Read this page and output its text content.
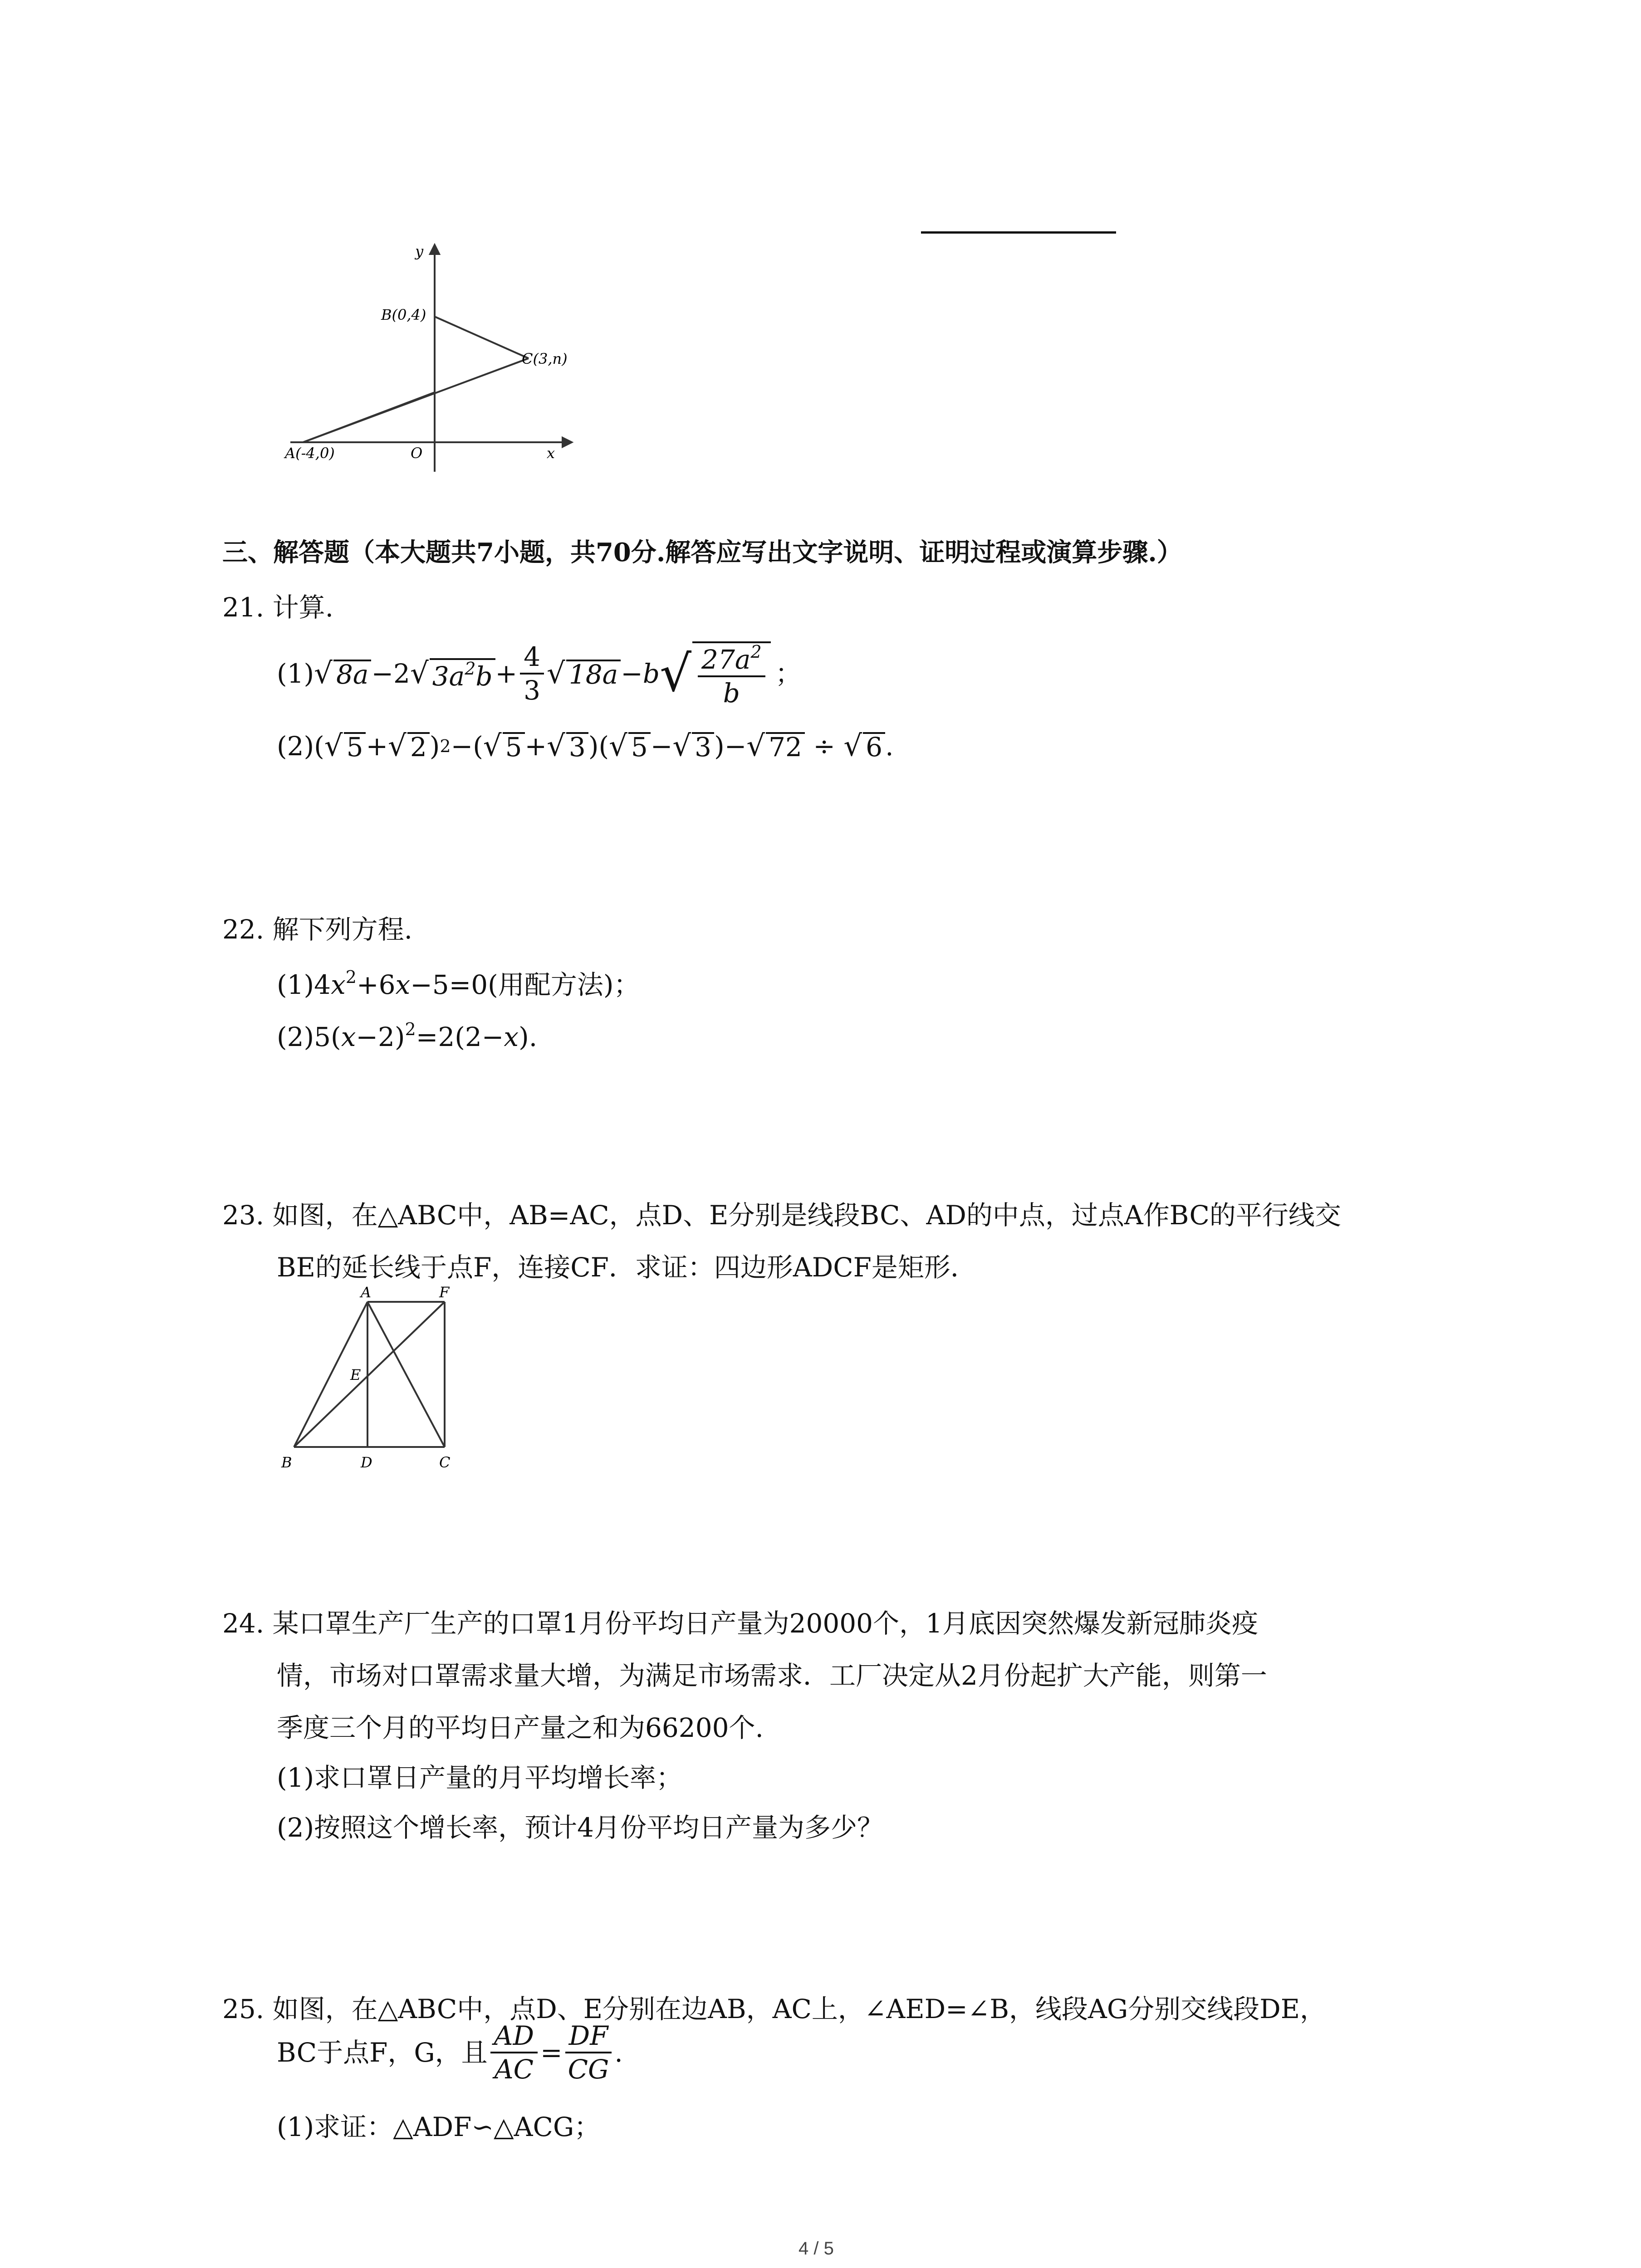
y
x
O
A(-4,0)
B(0,4)
C(3,n)
三、解答题（本大题共7小题，共70分.解答应写出文字说明、证明过程或演算步骤.）
21. 计算.
(1) √ 8a −2 √ $3a^2b + \frac{4}{3}$ √ 18a −b √ $\frac{27a^2}{b}$ ；
(2)( √ 5 + √ 2 ) 2 −( √ 5 + √ 3 )( √ 5 − √ 3 )− √ 72 ÷ √ 6 .
22. 解下列方程.
$(1)4x^2+6x-5=0$(用配方法)；
$(2)5(x-2)^2=2(2-x)$.
23. 如图，在△ABC中，AB=AC，点D、E分别是线段BC、AD的中点，过点A作BC的平行线交
BE的延长线于点F，连接CF．求证：四边形ADCF是矩形．
A	F
E
B	D	C
24. 某口罩生产厂生产的口罩1月份平均日产量为20000个，1月底因突然爆发新冠肺炎疫
情，市场对口罩需求量大增，为满足市场需求．工厂决定从2月份起扩大产能，则第一
季度三个月的平均日产量之和为66200个.
(1)求口罩日产量的月平均增长率；
(2)按照这个增长率，预计4月份平均日产量为多少？
25. 如图，在△ABC中，点D、E分别在边AB，AC上，∠AED=∠B，线段AG分别交线段DE，
BC于点F，G，且 $\frac{AD}{AC} = \frac{DF}{CG}$ .
(1)求证：△ADF∽△ACG；
4 / 5
